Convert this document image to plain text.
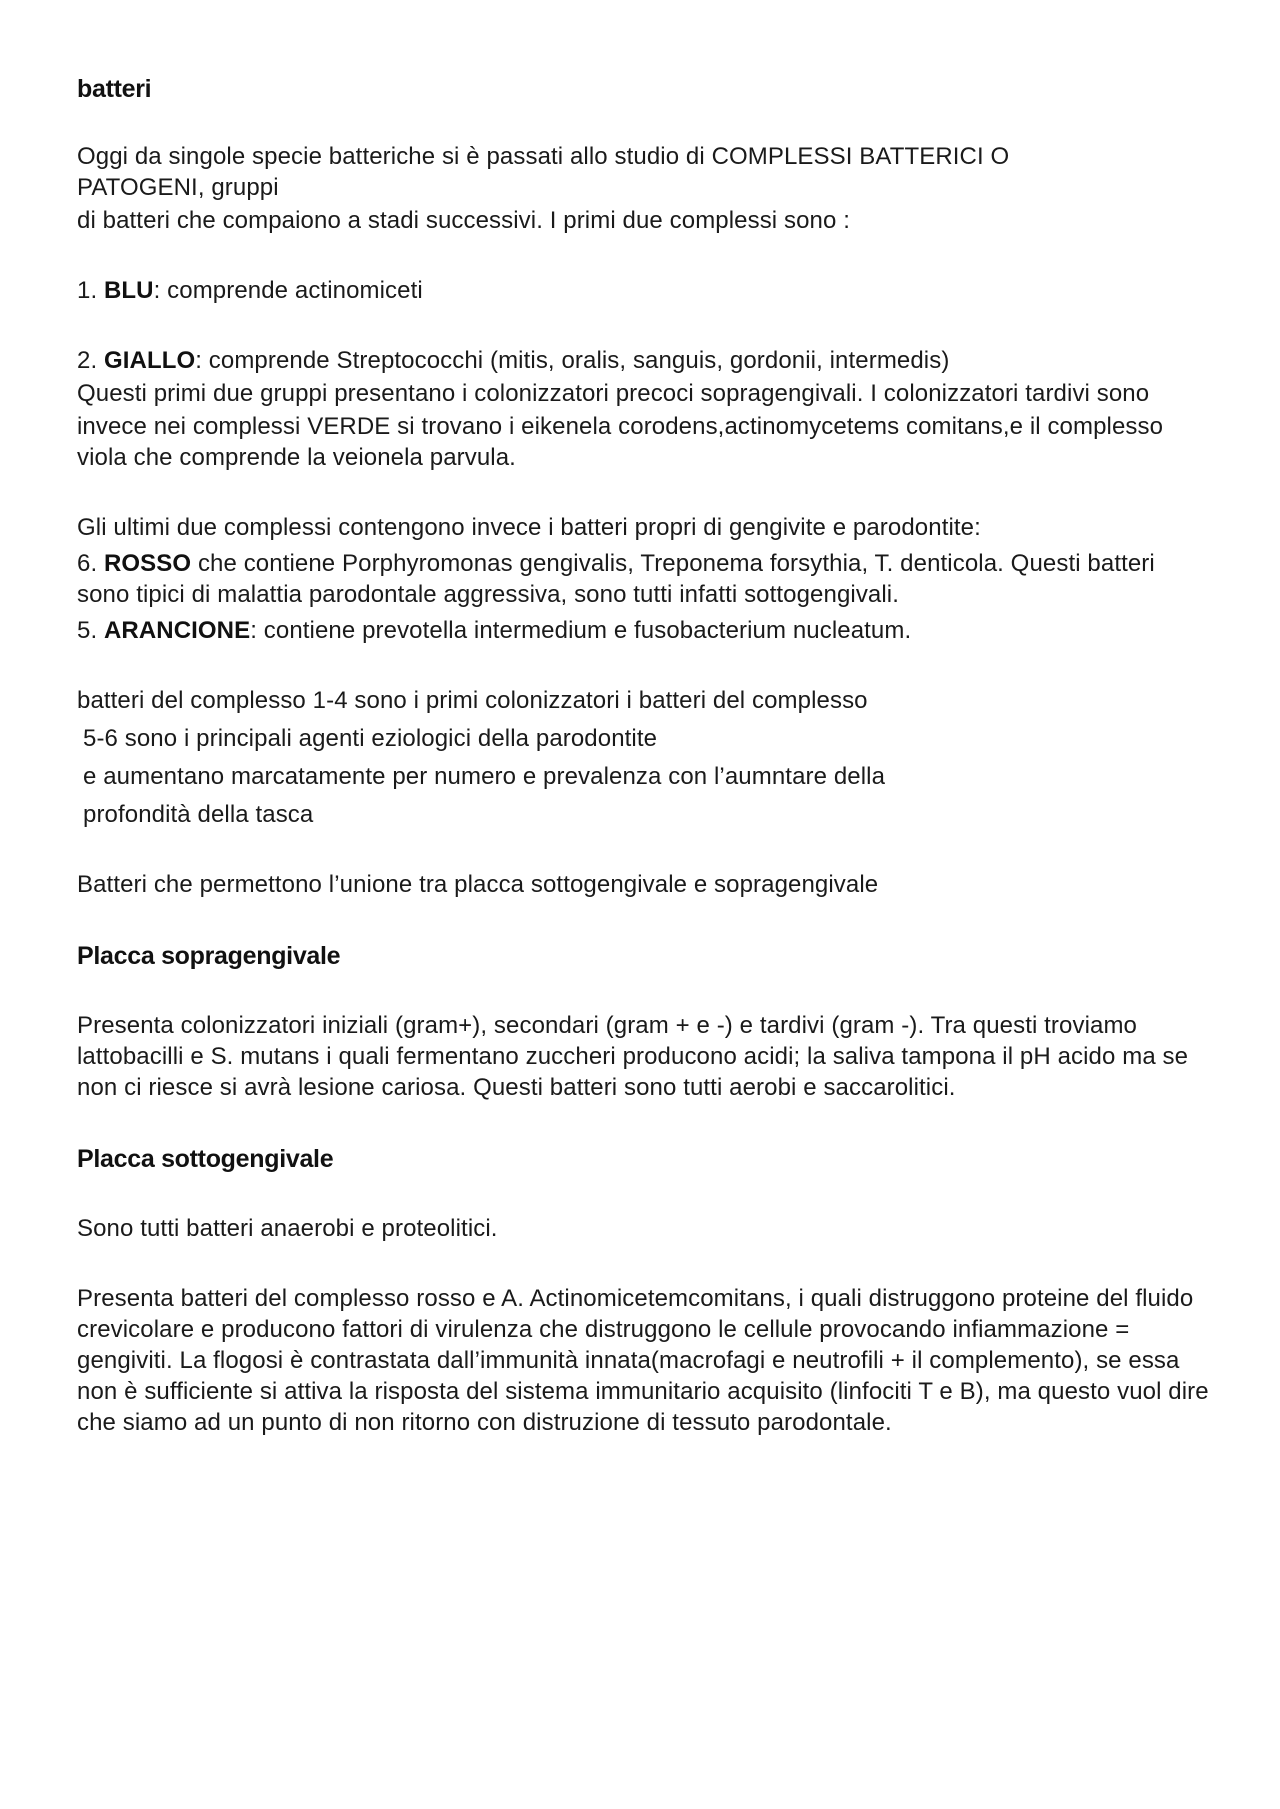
batteri

Oggi da singole specie batteriche si è passati allo studio di COMPLESSI BATTERICI O PATOGENI, gruppi

di batteri che compaiono a stadi successivi. I primi due complessi sono :

1. BLU: comprende actinomiceti

2. GIALLO: comprende Streptococchi (mitis, oralis, sanguis, gordonii, intermedis)

Questi primi due gruppi presentano i colonizzatori precoci sopragengivali. I colonizzatori tardivi sono

invece nei complessi VERDE si trovano i eikenela corodens,actinomycetems comitans,e il complesso viola che comprende la veionela parvula.

Gli ultimi due complessi contengono invece i batteri propri di gengivite e parodontite:

6. ROSSO che contiene Porphyromonas gengivalis, Treponema forsythia, T. denticola. Questi batteri sono tipici di malattia parodontale aggressiva, sono tutti infatti sottogengivali.

5. ARANCIONE: contiene prevotella intermedium e fusobacterium nucleatum.

batteri del complesso 1-4 sono i primi colonizzatori i batteri del complesso

5-6 sono i principali agenti eziologici della parodontite

e aumentano marcatamente per numero e prevalenza con l’aumntare della

profondità della tasca

Batteri che permettono l’unione tra placca sottogengivale e sopragengivale

Placca sopragengivale

Presenta colonizzatori iniziali (gram+), secondari (gram + e -) e tardivi (gram -). Tra questi troviamo lattobacilli e S. mutans i quali fermentano zuccheri producono acidi; la saliva tampona il pH acido ma se non ci riesce si avrà lesione cariosa. Questi batteri sono tutti aerobi e saccarolitici.

Placca sottogengivale

Sono tutti batteri anaerobi e proteolitici.

Presenta batteri del complesso rosso e A. Actinomicetemcomitans, i quali distruggono proteine del fluido crevicolare e producono fattori di virulenza che distruggono le cellule provocando infiammazione = gengiviti. La flogosi è contrastata dall’immunità innata(macrofagi e neutrofili + il complemento), se essa non è sufficiente si attiva la risposta del sistema immunitario acquisito (linfociti T e B), ma questo vuol dire che siamo ad un punto di non ritorno con distruzione di tessuto parodontale.
